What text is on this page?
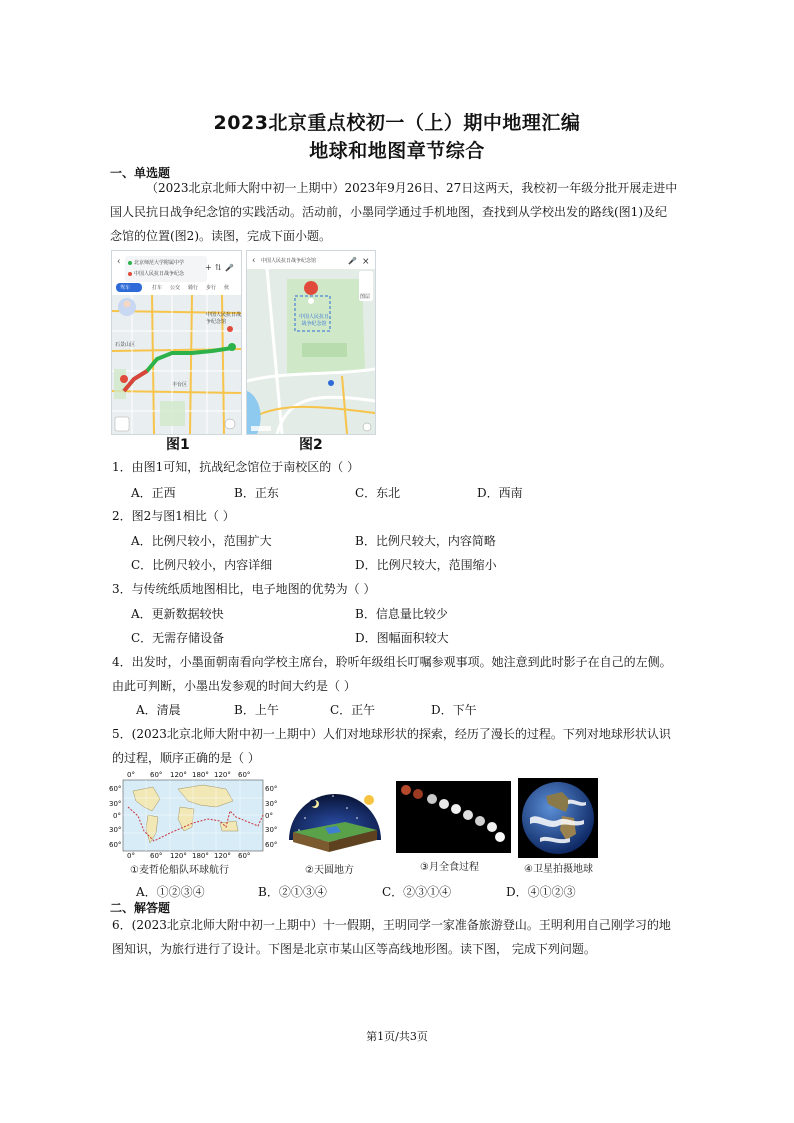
2023北京重点校初一（上）期中地理汇编
地球和地图章节综合
一、单选题
（2023北京北师大附中初一上期中）2023年9月26日、27日这两天，我校初一年级分批开展走进中
国人民抗日战争纪念馆的实践活动。活动前，小墨同学通过手机地图，查找到从学校出发的路线(图1)及纪
念馆的位置(图2)。读图，完成下面小题。
‹
+ ⇅ 🎤
北京师范大学附属中学
中国人民抗日战争纪念
驾车	打车 公交 骑行 步行 伙
中国人民抗日战争纪念馆
石景山区
丰台区
图1
‹	🎤 ×
中国人民抗日战争纪念馆
中国人民抗日战争纪念馆
图层
图2
1．由图1可知，抗战纪念馆位于南校区的（ ）
A．正西	B．正东	C．东北	D．西南
2．图2与图1相比（ ）
A．比例尺较小，范围扩大	B．比例尺较大，内容简略
C．比例尺较小，内容详细	D．比例尺较大，范围缩小
3．与传统纸质地图相比，电子地图的优势为（ ）
A．更新数据较快	B．信息量比较少
C．无需存储设备	D．图幅面积较大
4．出发时，小墨面朝南看向学校主席台，聆听年级组长叮嘱参观事项。她注意到此时影子在自己的左侧。
由此可判断，小墨出发参观的时间大约是（ ）
A．清晨	B．上午	C．正午	D．下午
5．(2023北京北师大附中初一上期中）人们对地球形状的探索，经历了漫长的过程。下列对地球形状认识
的过程，顺序正确的是（ ）
0° 60° 120° 180° 120° 60°
0° 60° 120° 180° 120° 60°
60°
30°
0°
30°
60°
60°
30°
0°
30°
60°
①麦哲伦船队环球航行	②天圆地方	③月全食过程	④卫星拍摄地球
A．①②③④	B．②①③④	C．②③①④	D．④①②③
二、解答题
6．(2023北京北师大附中初一上期中）十一假期，王明同学一家准备旅游登山。王明利用自己刚学习的地
图知识，为旅行进行了设计。下图是北京市某山区等高线地形图。读下图， 完成下列问题。
第1页/共3页
